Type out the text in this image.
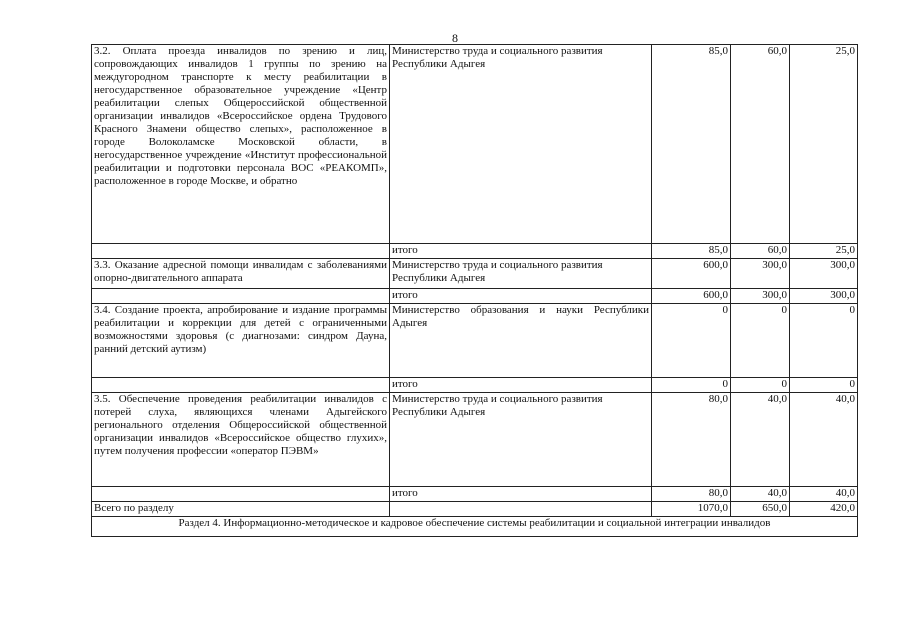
8
3.2. Оплата проезда инвалидов по зрению и лиц, сопровождающих инвалидов 1 группы по зрению на междугородном транспорте к месту реабилитации в негосударственное образовательное учреждение «Центр реабилитации слепых Общероссийской общественной организации инвалидов «Всероссийское ордена Трудового Красного Знамени общество слепых», расположенное в городе Волоколамске Московской области, в негосударственное учреждение «Институт профессиональной реабилитации и подготовки персонала ВОС «РЕАКОМП», расположенное в городе Москве, и обратно	Министерство труда и социального развития Республики Адыгея	85,0	60,0	25,0
	итого	85,0	60,0	25,0
3.3. Оказание адресной помощи инвалидам с заболеваниями опорно-двигательного аппарата	Министерство труда и социального развития Республики Адыгея	600,0	300,0	300,0
	итого	600,0	300,0	300,0
3.4. Создание проекта, апробирование и издание программы реабилитации и коррекции для детей с ограниченными возможностями здоровья (с диагнозами: синдром Дауна, ранний детский аутизм)	Министерство образования и науки Республики Адыгея	0	0	0
	итого	0	0	0
3.5. Обеспечение проведения реабилитации инвалидов с потерей слуха, являющихся членами Адыгейского регионального отделения Общероссийской общественной организации инвалидов «Всероссийское общество глухих», путем получения профессии «оператор ПЭВМ»	Министерство труда и социального развития Республики Адыгея	80,0	40,0	40,0
	итого	80,0	40,0	40,0
Всего по разделу		1070,0	650,0	420,0
Раздел 4. Информационно-методическое и кадровое обеспечение системы реабилитации и социальной интеграции инвалидов				
